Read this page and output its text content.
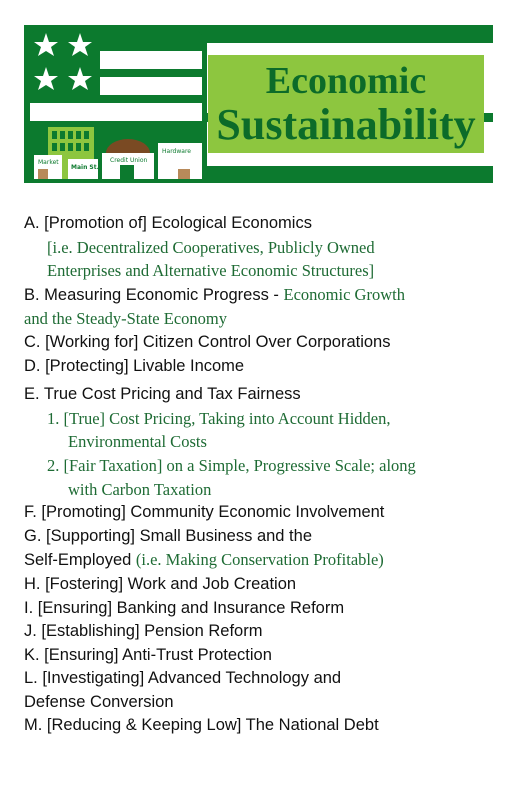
Economic
Sustainability
Market
Main St.
Credit Union
Hardware
A. [Promotion of] Ecological Economics
[i.e. Decentralized Cooperatives, Publicly Owned
Enterprises and Alternative Economic Structures]
B. Measuring Economic Progress - Economic Growth
and the Steady-State Economy
C. [Working for] Citizen Control Over Corporations
D. [Protecting] Livable Income
E. True Cost Pricing and Tax Fairness
1. [True] Cost Pricing, Taking into Account Hidden,
Environmental Costs
2. [Fair Taxation] on a Simple, Progressive Scale; along
with Carbon Taxation
F. [Promoting] Community Economic Involvement
G. [Supporting] Small Business and the
Self-Employed (i.e. Making Conservation Profitable)
H. [Fostering] Work and Job Creation
I. [Ensuring] Banking and Insurance Reform
J. [Establishing] Pension Reform
K. [Ensuring] Anti-Trust Protection
L. [Investigating] Advanced Technology and
Defense Conversion
M. [Reducing & Keeping Low] The National Debt
